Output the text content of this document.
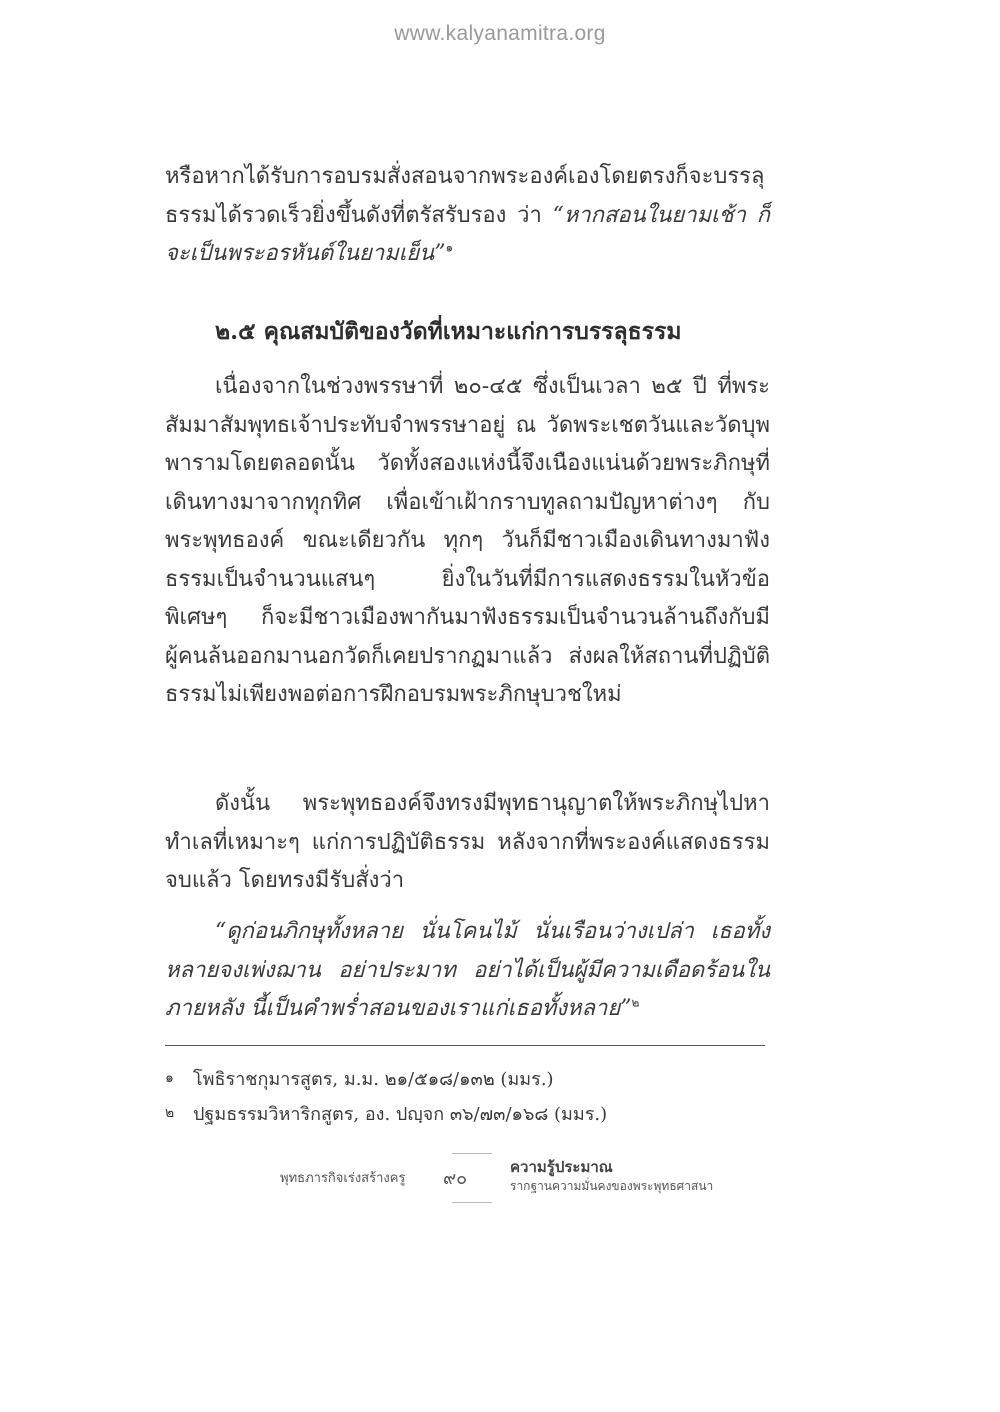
www.kalyanamitra.org
หรือหากได้รับการอบรมสั่งสอนจากพระองค์เองโดยตรงก็จะบรรลุธรรมได้รวดเร็วยิ่งขึ้นดังที่ตรัสรับรอง ว่า “หากสอนในยามเช้า ก็จะเป็นพระอรหันต์ในยามเย็น”$^๑$
๒.๕ คุณสมบัติของวัดที่เหมาะแก่การบรรลุธรรม
เนื่องจากในช่วงพรรษาที่ ๒๐-๔๕ ซึ่งเป็นเวลา ๒๕ ปี ที่พระสัมมาสัมพุทธเจ้าประทับจำพรรษาอยู่ ณ วัดพระเชตวันและวัดบุพพารามโดยตลอดนั้น วัดทั้งสองแห่งนี้จึงเนืองแน่นด้วยพระภิกษุที่เดินทางมาจากทุกทิศ เพื่อเข้าเฝ้ากราบทูลถามปัญหาต่างๆ กับพระพุทธองค์ ขณะเดียวกัน ทุกๆ วันก็มีชาวเมืองเดินทางมาฟังธรรมเป็นจำนวนแสนๆ ยิ่งในวันที่มีการแสดงธรรมในหัวข้อพิเศษๆ ก็จะมีชาวเมืองพากันมาฟังธรรมเป็นจำนวนล้านถึงกับมีผู้คนล้นออกมานอกวัดก็เคยปรากฏมาแล้ว ส่งผลให้สถานที่ปฏิบัติธรรมไม่เพียงพอต่อการฝึกอบรมพระภิกษุบวชใหม่
ดังนั้น พระพุทธองค์จึงทรงมีพุทธานุญาตให้พระภิกษุไปหาทำเลที่เหมาะๆ แก่การปฏิบัติธรรม หลังจากที่พระองค์แสดงธรรมจบแล้ว โดยทรงมีรับสั่งว่า
“ดูก่อนภิกษุทั้งหลาย นั่นโคนไม้ นั่นเรือนว่างเปล่า เธอทั้งหลายจงเพ่งฌาน อย่าประมาท อย่าได้เป็นผู้มีความเดือดร้อนในภายหลัง นี้เป็นคำพร่ำสอนของเราแก่เธอทั้งหลาย”$^๒$
๑ โพธิราชกุมารสูตร, ม.ม. ๒๑/๕๑๘/๑๓๒ (มมร.)
๒ ปฐมธรรมวิหาริกสูตร, อง. ปญฺจก ๓๖/๗๓/๑๖๘ (มมร.)
พุทธภารกิจเร่งสร้างครู ๙๐
ความรู้ประมาณ
รากฐานความมั่นคงของพระพุทธศาสนา
